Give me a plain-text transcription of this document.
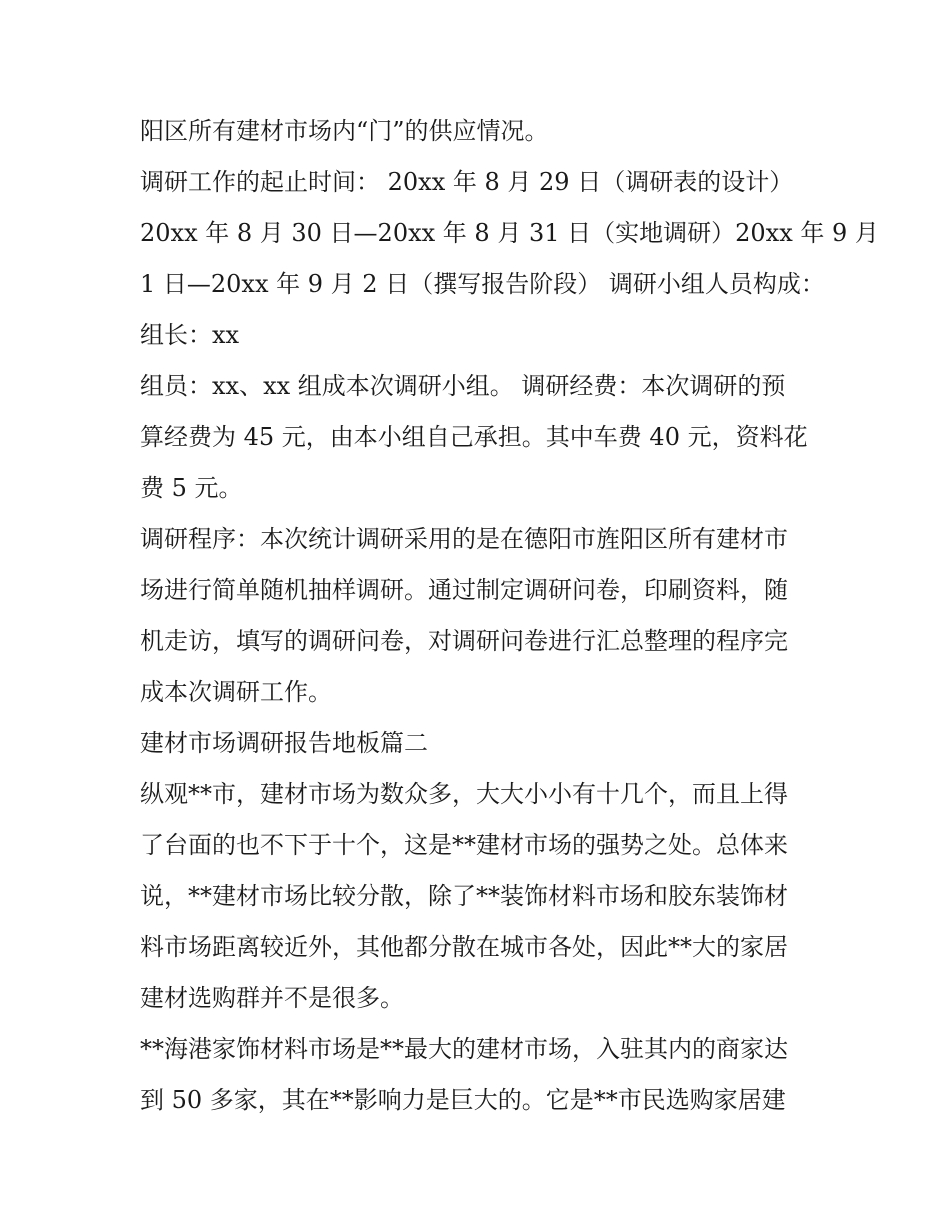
阳区所有建材市场内“门”的供应情况。
调研工作的起止时间： 20xx 年 8 月 29 日（调研表的设计）
20xx 年 8 月 30 日—20xx 年 8 月 31 日（实地调研）20xx 年 9 月
1 日—20xx 年 9 月 2 日（撰写报告阶段） 调研小组人员构成：
组长：xx
组员：xx、xx 组成本次调研小组。 调研经费：本次调研的预
算经费为 45 元，由本小组自己承担。其中车费 40 元，资料花
费 5 元。
调研程序：本次统计调研采用的是在德阳市旌阳区所有建材市
场进行简单随机抽样调研。通过制定调研问卷，印刷资料，随
机走访，填写的调研问卷，对调研问卷进行汇总整理的程序完
成本次调研工作。
建材市场调研报告地板篇二
纵观**市，建材市场为数众多，大大小小有十几个，而且上得
了台面的也不下于十个，这是**建材市场的强势之处。总体来
说，**建材市场比较分散，除了**装饰材料市场和胶东装饰材
料市场距离较近外，其他都分散在城市各处，因此**大的家居
建材选购群并不是很多。
**海港家饰材料市场是**最大的建材市场，入驻其内的商家达
到 50 多家，其在**影响力是巨大的。它是**市民选购家居建
